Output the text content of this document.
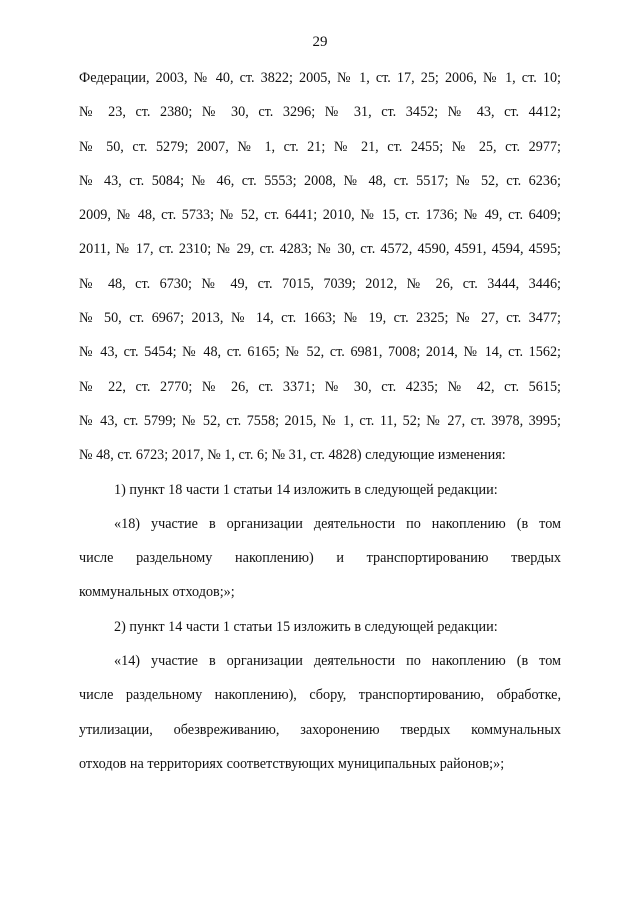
29
Федерации, 2003, № 40, ст. 3822; 2005, № 1, ст. 17, 25; 2006, № 1, ст. 10;
№ 23, ст. 2380; № 30, ст. 3296; № 31, ст. 3452; № 43, ст. 4412;
№ 50, ст. 5279; 2007, № 1, ст. 21; № 21, ст. 2455; № 25, ст. 2977;
№ 43, ст. 5084; № 46, ст. 5553; 2008, № 48, ст. 5517; № 52, ст. 6236;
2009, № 48, ст. 5733; № 52, ст. 6441; 2010, № 15, ст. 1736; № 49, ст. 6409;
2011, № 17, ст. 2310; № 29, ст. 4283; № 30, ст. 4572, 4590, 4591, 4594, 4595;
№ 48, ст. 6730; № 49, ст. 7015, 7039; 2012, № 26, ст. 3444, 3446;
№ 50, ст. 6967; 2013, № 14, ст. 1663; № 19, ст. 2325; № 27, ст. 3477;
№ 43, ст. 5454; № 48, ст. 6165; № 52, ст. 6981, 7008; 2014, № 14, ст. 1562;
№ 22, ст. 2770; № 26, ст. 3371; № 30, ст. 4235; № 42, ст. 5615;
№ 43, ст. 5799; № 52, ст. 7558; 2015, № 1, ст. 11, 52; № 27, ст. 3978, 3995;
№ 48, ст. 6723; 2017, № 1, ст. 6; № 31, ст. 4828) следующие изменения:
1) пункт 18 части 1 статьи 14 изложить в следующей редакции:
«18) участие в организации деятельности по накоплению (в том
числе раздельному накоплению) и транспортированию твердых
коммунальных отходов;»;
2) пункт 14 части 1 статьи 15 изложить в следующей редакции:
«14) участие в организации деятельности по накоплению (в том
числе раздельному накоплению), сбору, транспортированию, обработке,
утилизации, обезвреживанию, захоронению твердых коммунальных
отходов на территориях соответствующих муниципальных районов;»;
